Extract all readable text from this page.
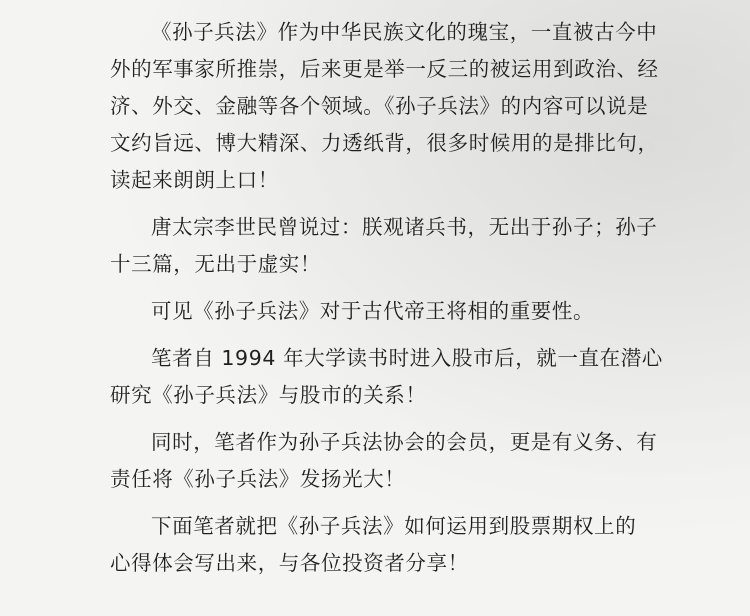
《孙子兵法》作为中华民族文化的瑰宝，一直被古今中
外的军事家所推崇，后来更是举一反三的被运用到政治、经
济、外交、金融等各个领域。《孙子兵法》的内容可以说是
文约旨远、博大精深、力透纸背，很多时候用的是排比句，
读起来朗朗上口！

唐太宗李世民曾说过：朕观诸兵书，无出于孙子；孙子
十三篇，无出于虚实！

可见《孙子兵法》对于古代帝王将相的重要性。

笔者自 1994 年大学读书时进入股市后，就一直在潜心
研究《孙子兵法》与股市的关系！

同时，笔者作为孙子兵法协会的会员，更是有义务、有
责任将《孙子兵法》发扬光大！

下面笔者就把《孙子兵法》如何运用到股票期权上的
心得体会写出来，与各位投资者分享！
